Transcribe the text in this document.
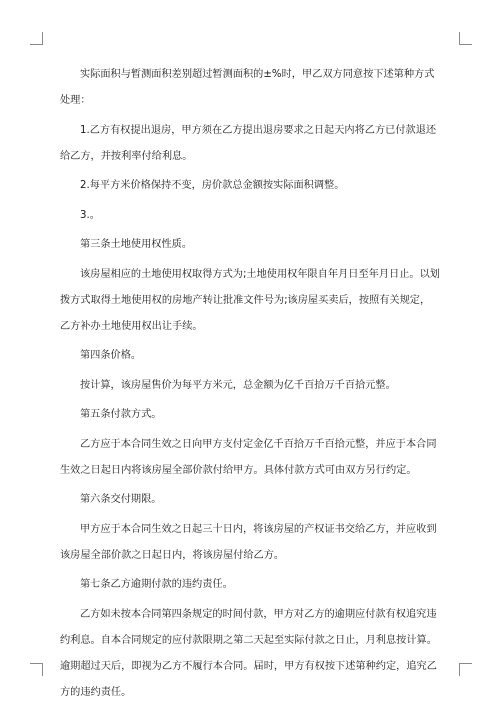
实际面积与暂测面积差别超过暂测面积的±%时，甲乙双方同意按下述第种方式处理：

1.乙方有权提出退房，甲方须在乙方提出退房要求之日起天内将乙方已付款退还给乙方，并按利率付给利息。

2.每平方米价格保持不变，房价款总金额按实际面积调整。

3.。

第三条土地使用权性质。

该房屋相应的土地使用权取得方式为;土地使用权年限自年月日至年月日止。以划拨方式取得土地使用权的房地产转让批准文件号为;该房屋买卖后，按照有关规定，乙方补办土地使用权出让手续。

第四条价格。

按计算，该房屋售价为每平方米元，总金额为亿千百拾万千百拾元整。

第五条付款方式。

乙方应于本合同生效之日向甲方支付定金亿千百拾万千百拾元整，并应于本合同生效之日起日内将该房屋全部价款付给甲方。具体付款方式可由双方另行约定。

第六条交付期限。

甲方应于本合同生效之日起三十日内，将该房屋的产权证书交给乙方，并应收到该房屋全部价款之日起日内，将该房屋付给乙方。

第七条乙方逾期付款的违约责任。

乙方如未按本合同第四条规定的时间付款，甲方对乙方的逾期应付款有权追究违约利息。自本合同规定的应付款限期之第二天起至实际付款之日止，月利息按计算。逾期超过天后，即视为乙方不履行本合同。届时，甲方有权按下述第种约定，追究乙方的违约责任。
